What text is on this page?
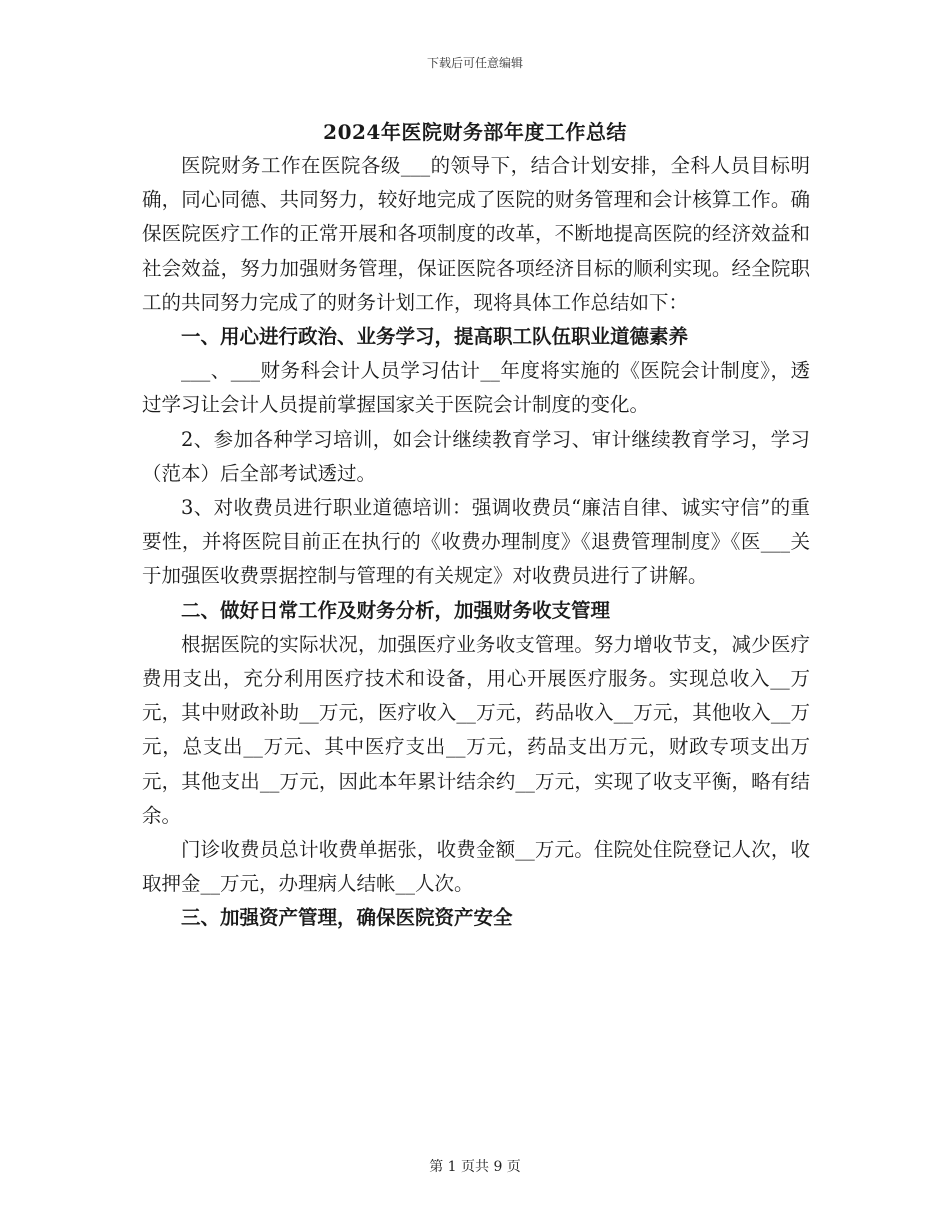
下载后可任意编辑
2024年医院财务部年度工作总结

医院财务工作在医院各级___的领导下，结合计划安排，全科人员目标明确，同心同德、共同努力，较好地完成了医院的财务管理和会计核算工作。确保医院医疗工作的正常开展和各项制度的改革，不断地提高医院的经济效益和社会效益，努力加强财务管理，保证医院各项经济目标的顺利实现。经全院职工的共同努力完成了的财务计划工作，现将具体工作总结如下：

一、用心进行政治、业务学习，提高职工队伍职业道德素养

___、___财务科会计人员学习估计__年度将实施的《医院会计制度》，透过学习让会计人员提前掌握国家关于医院会计制度的变化。

2、参加各种学习培训，如会计继续教育学习、审计继续教育学习，学习（范本）后全部考试透过。

3、对收费员进行职业道德培训：强调收费员“廉洁自律、诚实守信”的重要性，并将医院目前正在执行的《收费办理制度》《退费管理制度》《医___关于加强医收费票据控制与管理的有关规定》对收费员进行了讲解。

二、做好日常工作及财务分析，加强财务收支管理

根据医院的实际状况，加强医疗业务收支管理。努力增收节支，减少医疗费用支出，充分利用医疗技术和设备，用心开展医疗服务。实现总收入__万元，其中财政补助__万元，医疗收入__万元，药品收入__万元，其他收入__万元，总支出__万元、其中医疗支出__万元，药品支出万元，财政专项支出万元，其他支出__万元，因此本年累计结余约__万元，实现了收支平衡，略有结余。

门诊收费员总计收费单据张，收费金额__万元。住院处住院登记人次，收取押金__万元，办理病人结帐__人次。

三、加强资产管理，确保医院资产安全

第 1 页共 9 页
